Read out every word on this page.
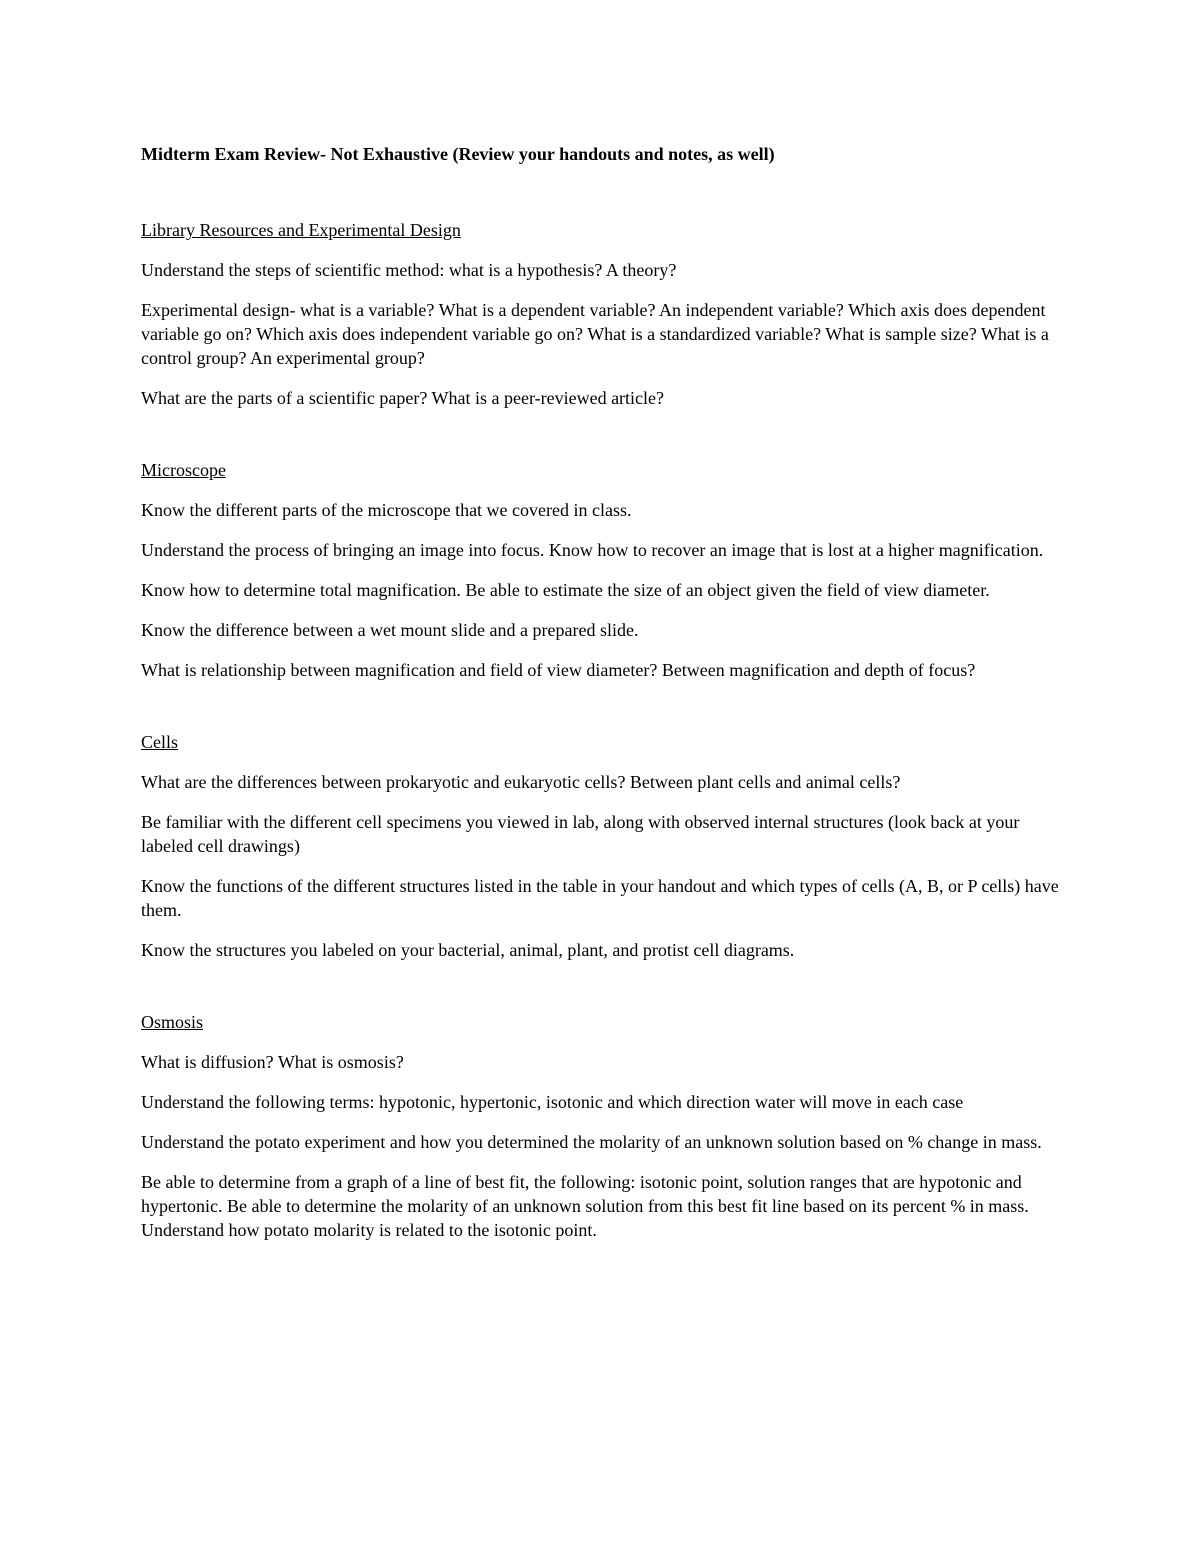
Midterm Exam Review- Not Exhaustive (Review your handouts and notes, as well)
Library Resources and Experimental Design

Understand the steps of scientific method: what is a hypothesis? A theory?

Experimental design- what is a variable? What is a dependent variable? An independent variable? Which axis does dependent variable go on? Which axis does independent variable go on? What is a standardized variable? What is sample size? What is a control group? An experimental group?

What are the parts of a scientific paper? What is a peer-reviewed article?

Microscope

Know the different parts of the microscope that we covered in class.

Understand the process of bringing an image into focus. Know how to recover an image that is lost at a higher magnification.

Know how to determine total magnification. Be able to estimate the size of an object given the field of view diameter.

Know the difference between a wet mount slide and a prepared slide.

What is relationship between magnification and field of view diameter? Between magnification and depth of focus?

Cells

What are the differences between prokaryotic and eukaryotic cells? Between plant cells and animal cells?

Be familiar with the different cell specimens you viewed in lab, along with observed internal structures (look back at your labeled cell drawings)

Know the functions of the different structures listed in the table in your handout and which types of cells (A, B, or P cells) have them.

Know the structures you labeled on your bacterial, animal, plant, and protist cell diagrams.

Osmosis

What is diffusion? What is osmosis?

Understand the following terms: hypotonic, hypertonic, isotonic and which direction water will move in each case

Understand the potato experiment and how you determined the molarity of an unknown solution based on % change in mass.

Be able to determine from a graph of a line of best fit, the following: isotonic point, solution ranges that are hypotonic and hypertonic. Be able to determine the molarity of an unknown solution from this best fit line based on its percent % in mass. Understand how potato molarity is related to the isotonic point.
